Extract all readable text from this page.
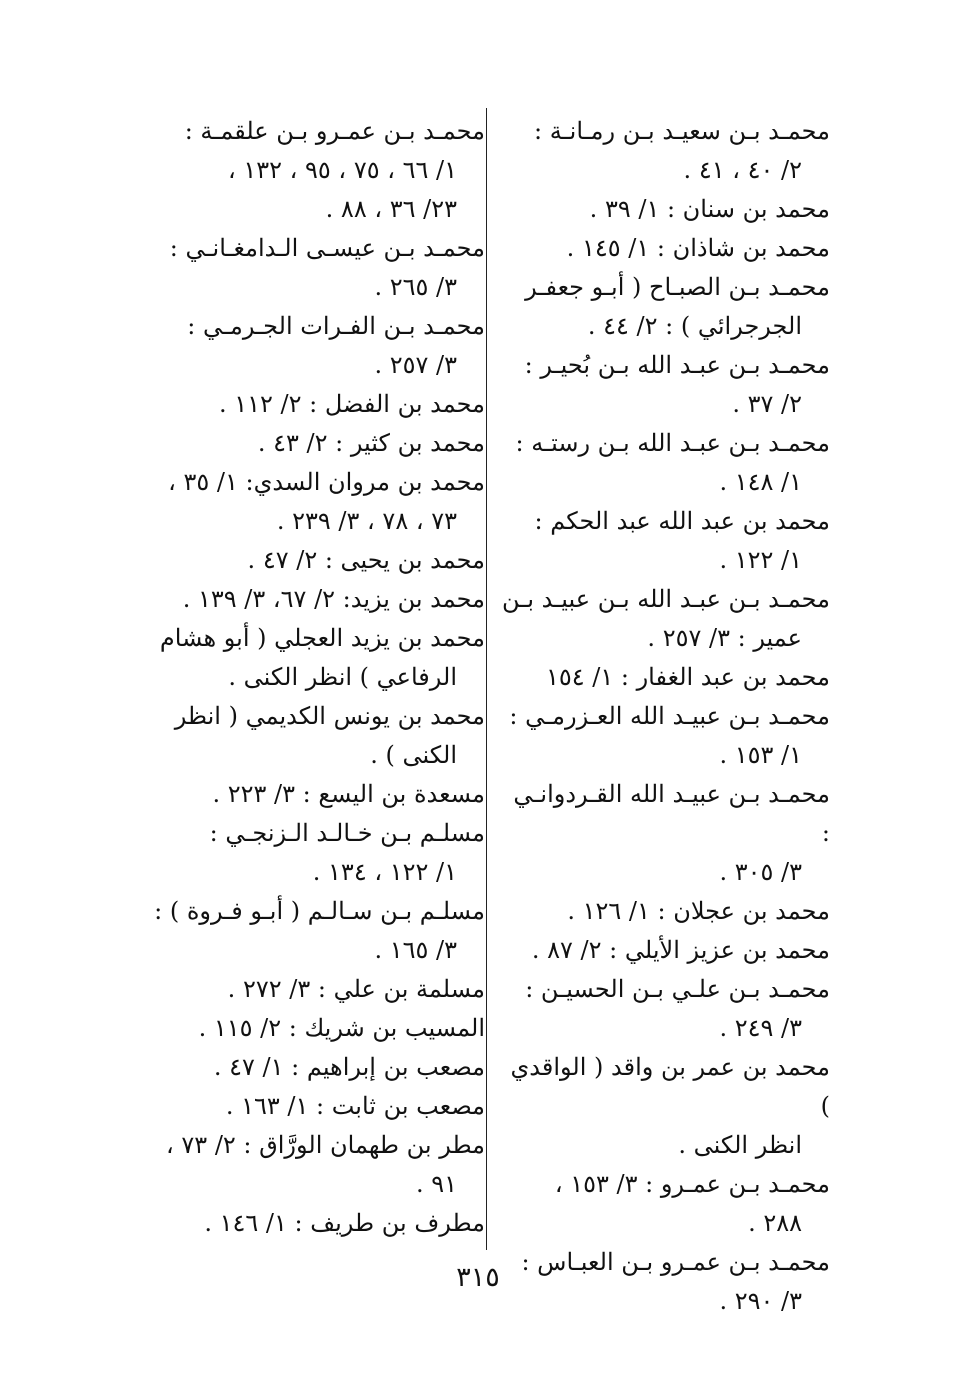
محمـد بـن سعيـد بـن رمـانـة :
٢/ ٤٠ ، ٤١ .
محمد بن سنان : ١/ ٣٩ .
محمد بن شاذان : ١/ ١٤٥ .
محمـد بـن الصبـاح ( أبـو جعفـر
الجرجرائي ) : ٢/ ٤٤ .
محمـد بـن عبـد الله بـن بُحيـر :
٢/ ٣٧ .
محمـد بـن عبـد الله بـن رستـه :
١/ ١٤٨ .
محمد بن عبد الله عبد الحكم :
١/ ١٢٢ .
محمـد بـن عبـد الله بـن عبيـد بـن
عمير : ٣/ ٢٥٧ .
محمد بن عبد الغفار : ١/ ١٥٤
محمـد بـن عبيـد الله العـزرمـي :
١/ ١٥٣ .
محمـد بـن عبيـد الله القـردوانـي :
٣/ ٣٠٥ .
محمد بن عجلان : ١/ ١٢٦ .
محمد بن عزيز الأيلي : ٢/ ٨٧ .
محمـد بـن علـي بـن الحسيـن :
٣/ ٢٤٩ .
محمد بن عمر بن واقد ( الواقدي )
انظر الكنى .
محمـد بـن عمـرو : ٣/ ١٥٣ ،
٢٨٨ .
محمـد بـن عمـرو بـن العبـاس :
٣/ ٢٩٠ .
محمـد بـن عمـرو بـن علقمـة :
١/ ٦٦ ، ٧٥ ، ٩٥ ، ١٣٢ ،
٢٣/ ٣٦ ، ٨٨ .
محمـد بـن عيسـى الـدامغـانـي :
٣/ ٢٦٥ .
محمـد بـن الفـرات الجـرمـي :
٣/ ٢٥٧ .
محمد بن الفضل : ٢/ ١١٢ .
محمد بن كثير : ٢/ ٤٣ .
محمد بن مروان السدي: ١/ ٣٥ ،
٧٣ ، ٧٨ ، ٣/ ٢٣٩ .
محمد بن يحيى : ٢/ ٤٧ .
محمد بن يزيد: ٢/ ٦٧، ٣/ ١٣٩ .
محمد بن يزيد العجلي ( أبو هشام
الرفاعي ) انظر الكنى .
محمد بن يونس الكديمي ( انظر
الكنى ) .
مسعدة بن اليسع : ٣/ ٢٢٣ .
مسلـم بـن خـالـد الـزنجـي :
١/ ١٢٢ ، ١٣٤ .
مسلـم بـن سـالـم ( أبـو فـروة ) :
٣/ ١٦٥ .
مسلمة بن علي : ٣/ ٢٧٢ .
المسيب بن شريك : ٢/ ١١٥ .
مصعب بن إبراهيم : ١/ ٤٧ .
مصعب بن ثابت : ١/ ١٦٣ .
مطر بن طهمان الورَّاق : ٢/ ٧٣ ،
٩١ .
مطرف بن طريف : ١/ ١٤٦ .
٣١٥
